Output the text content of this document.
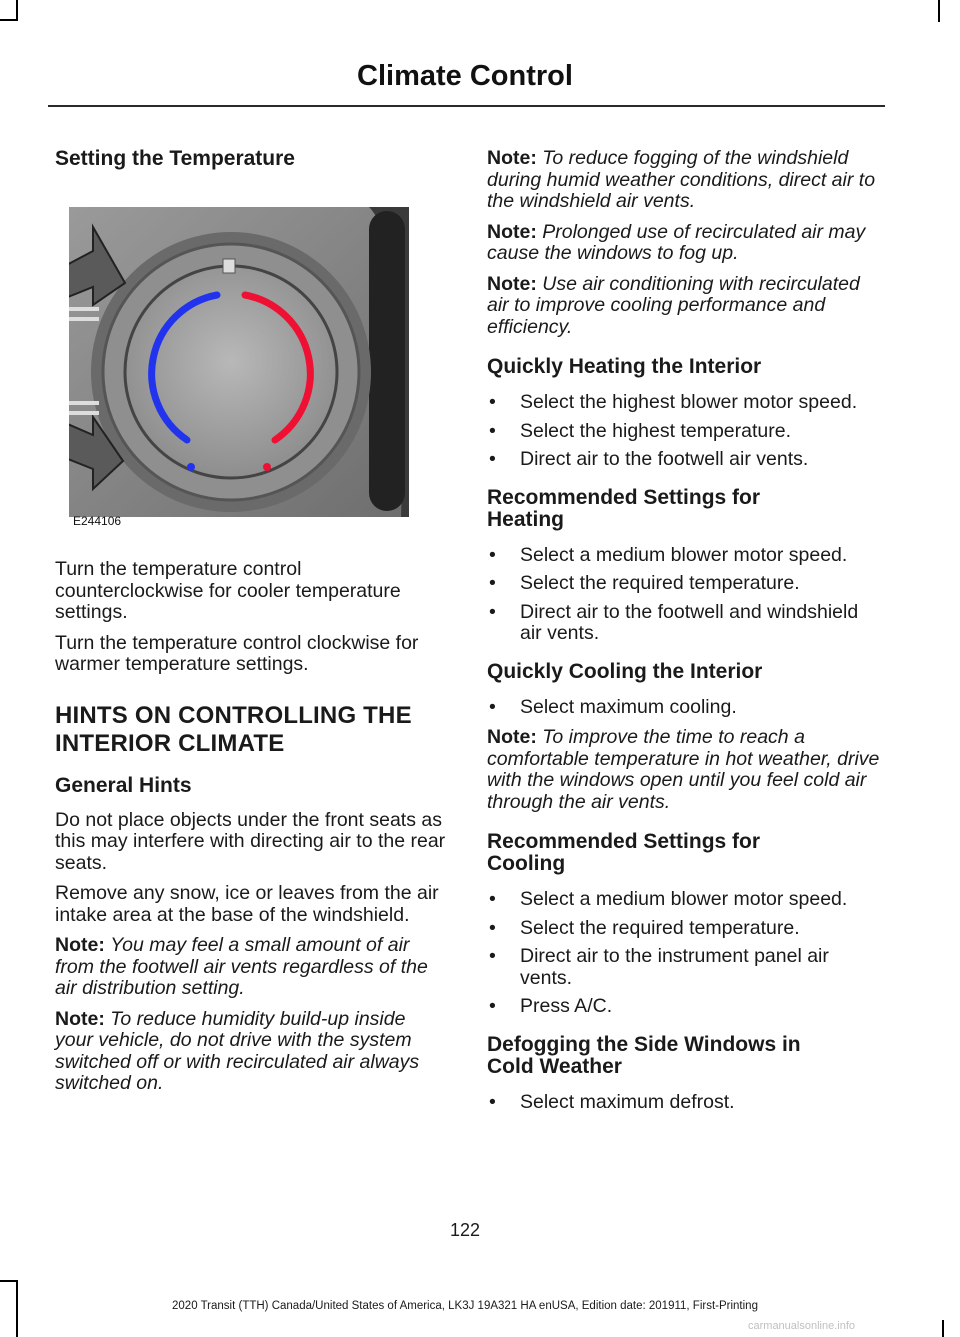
Climate Control
Setting the Temperature
E244106

Turn the temperature control counterclockwise for cooler temperature settings.

Turn the temperature control clockwise for warmer temperature settings.

HINTS ON CONTROLLING THE
INTERIOR CLIMATE
General Hints

Do not place objects under the front seats as this may interfere with directing air to the rear seats.

Remove any snow, ice or leaves from the air intake area at the base of the windshield.

Note: You may feel a small amount of air from the footwell air vents regardless of the air distribution setting.

Note: To reduce humidity build-up inside your vehicle, do not drive with the system switched off or with recirculated air always switched on.

Note: To reduce fogging of the windshield during humid weather conditions, direct air to the windshield air vents.

Note: Prolonged use of recirculated air may cause the windows to fog up.

Note: Use air conditioning with recirculated air to improve cooling performance and efficiency.

Quickly Heating the Interior
• Select the highest blower motor speed.
• Select the highest temperature.
• Direct air to the footwell air vents.
Recommended Settings for
Heating
• Select a medium blower motor speed.
• Select the required temperature.
• Direct air to the footwell and windshield air vents.
Quickly Cooling the Interior
• Select maximum cooling.

Note: To improve the time to reach a comfortable temperature in hot weather, drive with the windows open until you feel cold air through the air vents.

Recommended Settings for
Cooling
• Select a medium blower motor speed.
• Select the required temperature.
• Direct air to the instrument panel air vents.
• Press A/C.
Defogging the Side Windows in
Cold Weather
• Select maximum defrost.
122
2020 Transit (TTH) Canada/United States of America, LK3J 19A321 HA enUSA, Edition date: 201911, First-Printing
carmanualsonline.info
